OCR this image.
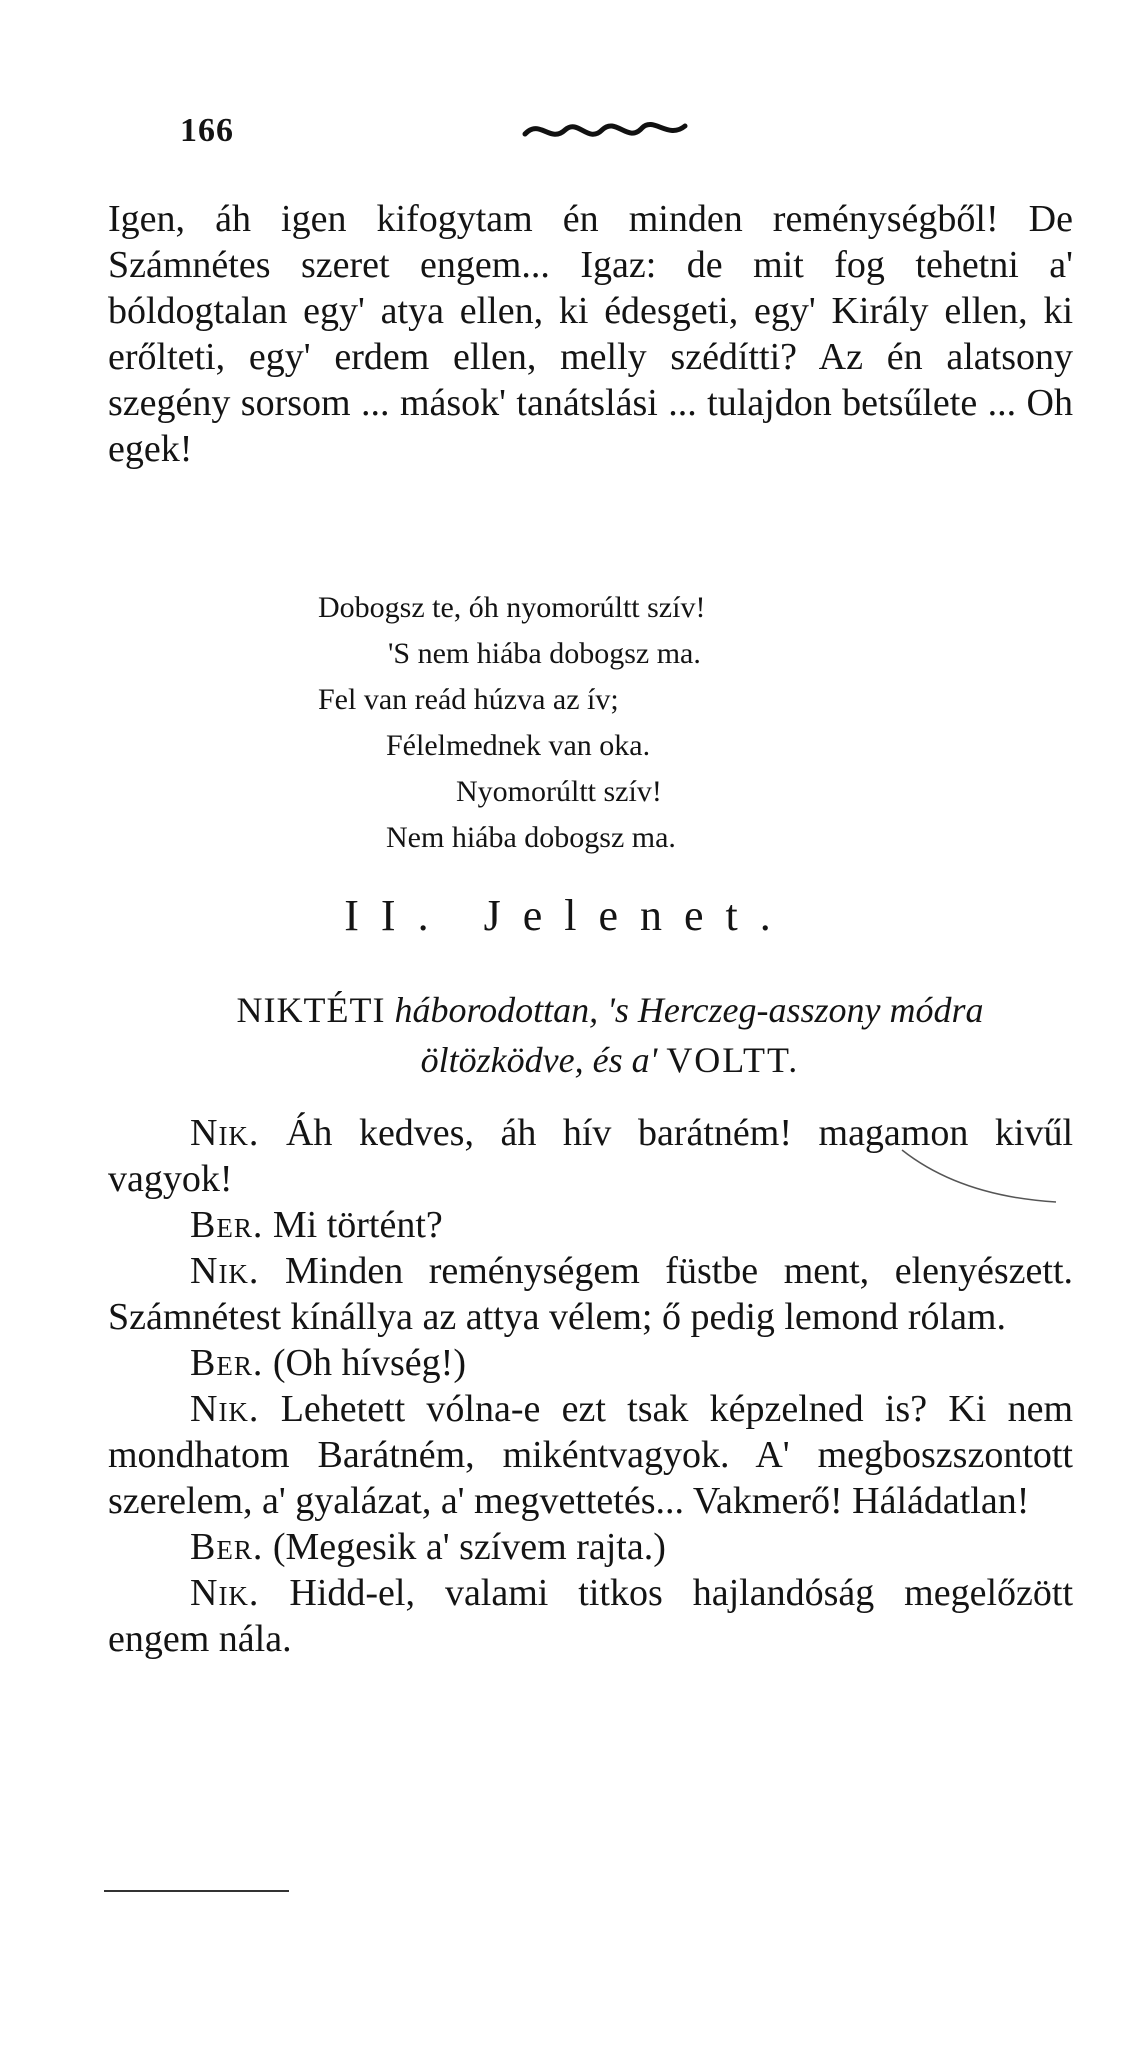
166
Igen, áh igen kifogytam én minden reménységből! De Számnétes szeret engem... Igaz: de mit fog tehetni a' bóldogtalan egy' atya ellen, ki édesgeti, egy' Király ellen, ki erőlteti, egy' erdem ellen, melly szédítti? Az én alatsony szegény sorsom ... mások' tanátslási ... tulajdon betsűlete ... Oh egek!
Dobogsz te, óh nyomorúltt szív!
'S nem hiába dobogsz ma.
Fel van reád húzva az ív;
Félelmednek van oka.
Nyomorúltt szív!
Nem hiába dobogsz ma.
II. Jelenet.
NIKTÉTI háborodottan, 's Herczeg-asszony módra öltözködve, és a' VOLTT.

Nik. Áh kedves, áh hív barátném! magamon kivűl vagyok!

Ber. Mi történt?

Nik. Minden reménységem füstbe ment, elenyészett. Számnétest kínállya az attya vélem; ő pedig lemond rólam.

Ber. (Oh hívség!)

Nik. Lehetett vólna-e ezt tsak képzelned is? Ki nem mondhatom Barátném, mikéntvagyok. A' megboszszontott szerelem, a' gyalázat, a' megvettetés... Vakmerő! Háládatlan!

Ber. (Megesik a' szívem rajta.)

Nik. Hidd-el, valami titkos hajlandóság megelőzött engem nála.
